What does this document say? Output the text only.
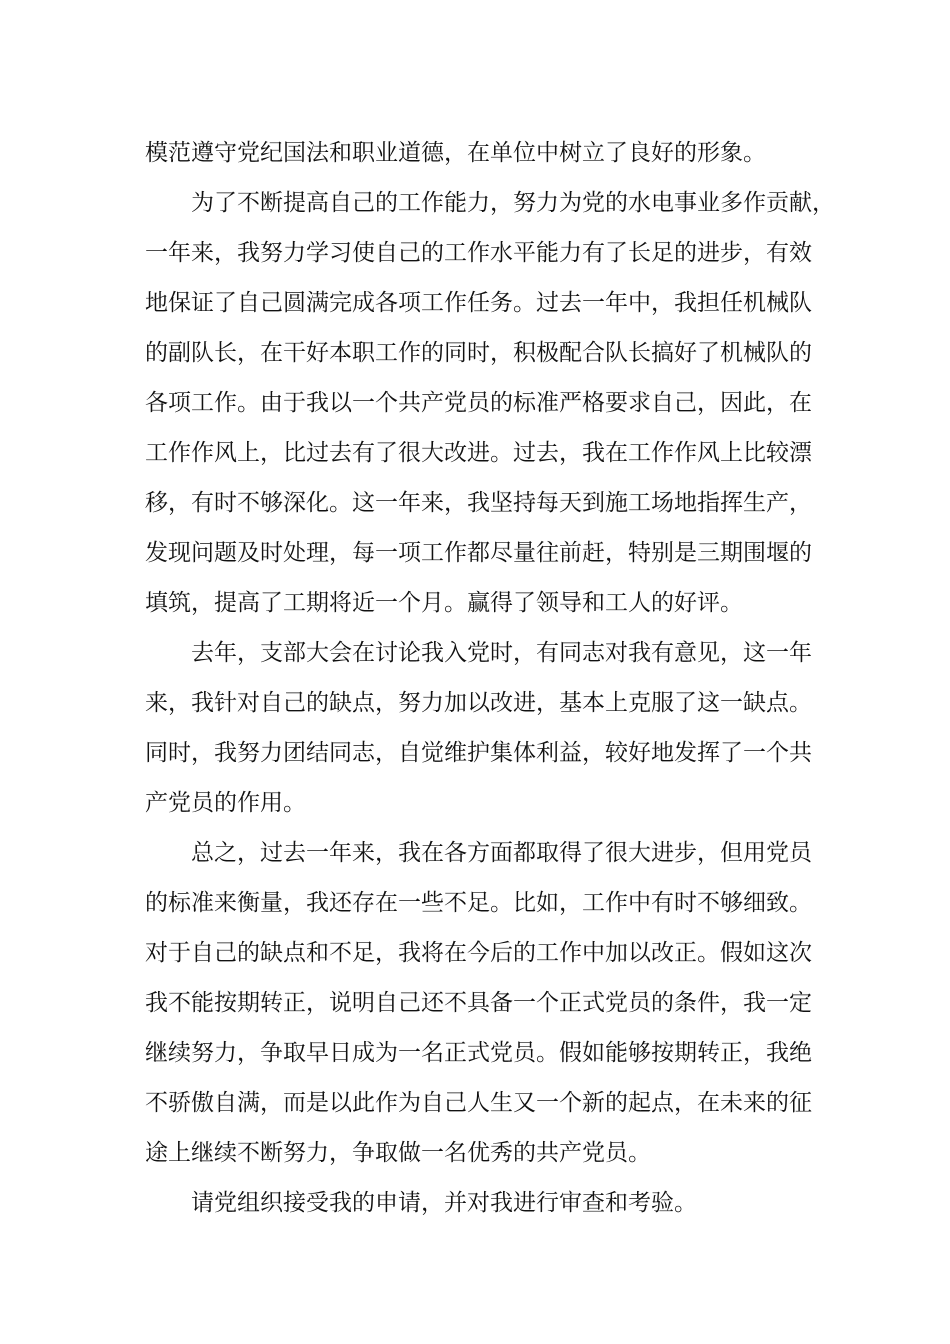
模范遵守党纪国法和职业道德，在单位中树立了良好的形象。
为了不断提高自己的工作能力，努力为党的水电事业多作贡献，
一年来，我努力学习使自己的工作水平能力有了长足的进步，有效
地保证了自己圆满完成各项工作任务。过去一年中，我担任机械队
的副队长，在干好本职工作的同时，积极配合队长搞好了机械队的
各项工作。由于我以一个共产党员的标准严格要求自己，因此，在
工作作风上，比过去有了很大改进。过去，我在工作作风上比较漂
移，有时不够深化。这一年来，我坚持每天到施工场地指挥生产，
发现问题及时处理，每一项工作都尽量往前赶，特别是三期围堰的
填筑，提高了工期将近一个月。赢得了领导和工人的好评。
去年，支部大会在讨论我入党时，有同志对我有意见，这一年
来，我针对自己的缺点，努力加以改进，基本上克服了这一缺点。
同时，我努力团结同志，自觉维护集体利益，较好地发挥了一个共
产党员的作用。
总之，过去一年来，我在各方面都取得了很大进步，但用党员
的标准来衡量，我还存在一些不足。比如，工作中有时不够细致。
对于自己的缺点和不足，我将在今后的工作中加以改正。假如这次
我不能按期转正，说明自己还不具备一个正式党员的条件，我一定
继续努力，争取早日成为一名正式党员。假如能够按期转正，我绝
不骄傲自满，而是以此作为自己人生又一个新的起点，在未来的征
途上继续不断努力，争取做一名优秀的共产党员。
请党组织接受我的申请，并对我进行审查和考验。
